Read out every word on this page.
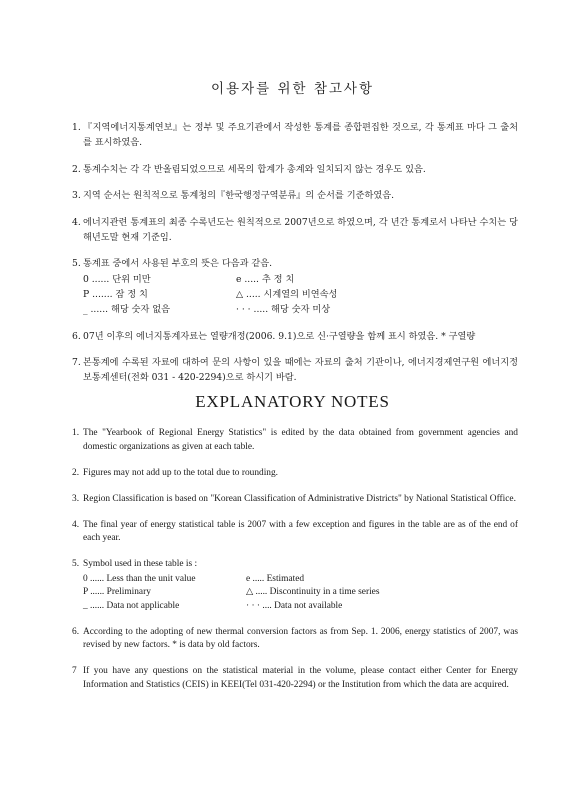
이용자를 위한 참고사항
1. 『지역에너지통계연보』는 정부 및 주요기관에서 작성한 통계를 종합편집한 것으로, 각 통계표 마다 그 출처를 표시하였음.
2. 통계수치는 각 각 반올림되었으므로 세목의 합계가 총계와 일치되지 않는 경우도 있음.
3. 지역 순서는 원칙적으로 통계청의『한국행정구역분류』의 순서를 기준하였음.
4. 에너지관련 통계표의 최종 수록년도는 원칙적으로 2007년으로 하였으며, 각 년간 통계로서 나타난 수치는 당해년도말 현재 기준임.
5. 통계표 중에서 사용된 부호의 뜻은 다음과 같음.
0 ...... 단위 미만	e ..... 추 정 치
P ....... 잠 정 치	△ ..... 시계열의 비연속성
_ ...... 해당 숫자 없음	· · · ..... 해당 숫자 미상
6. 07년 이후의 에너지통계자료는 열량개정(2006. 9.1)으로 신·구열량을 함께 표시 하였음. * 구열량
7. 본통계에 수록된 자료에 대하여 문의 사항이 있을 때에는 자료의 출처 기관이나, 에너지경제연구원 에너지정보통계센터(전화 031 - 420-2294)으로 하시기 바람.
EXPLANATORY NOTES
1. The "Yearbook of Regional Energy Statistics" is edited by the data obtained from government agencies and domestic organizations as given at each table.
2. Figures may not add up to the total due to rounding.
3. Region Classification is based on "Korean Classification of Administrative Districts" by National Statistical Office.
4. The final year of energy statistical table is 2007 with a few exception and figures in the table are as of the end of each year.
5. Symbol used in these table is :
0 ...... Less than the unit value	e ..... Estimated
P ...... Preliminary	△ ..... Discontinuity in a time series
_ ...... Data not applicable	· · · .... Data not available
6. According to the adopting of new thermal conversion factors as from Sep. 1. 2006, energy statistics of 2007, was revised by new factors. * is data by old factors.
7 If you have any questions on the statistical material in the volume, please contact either Center for Energy Information and Statistics (CEIS) in KEEI(Tel 031-420-2294) or the Institution from which the data are acquired.
